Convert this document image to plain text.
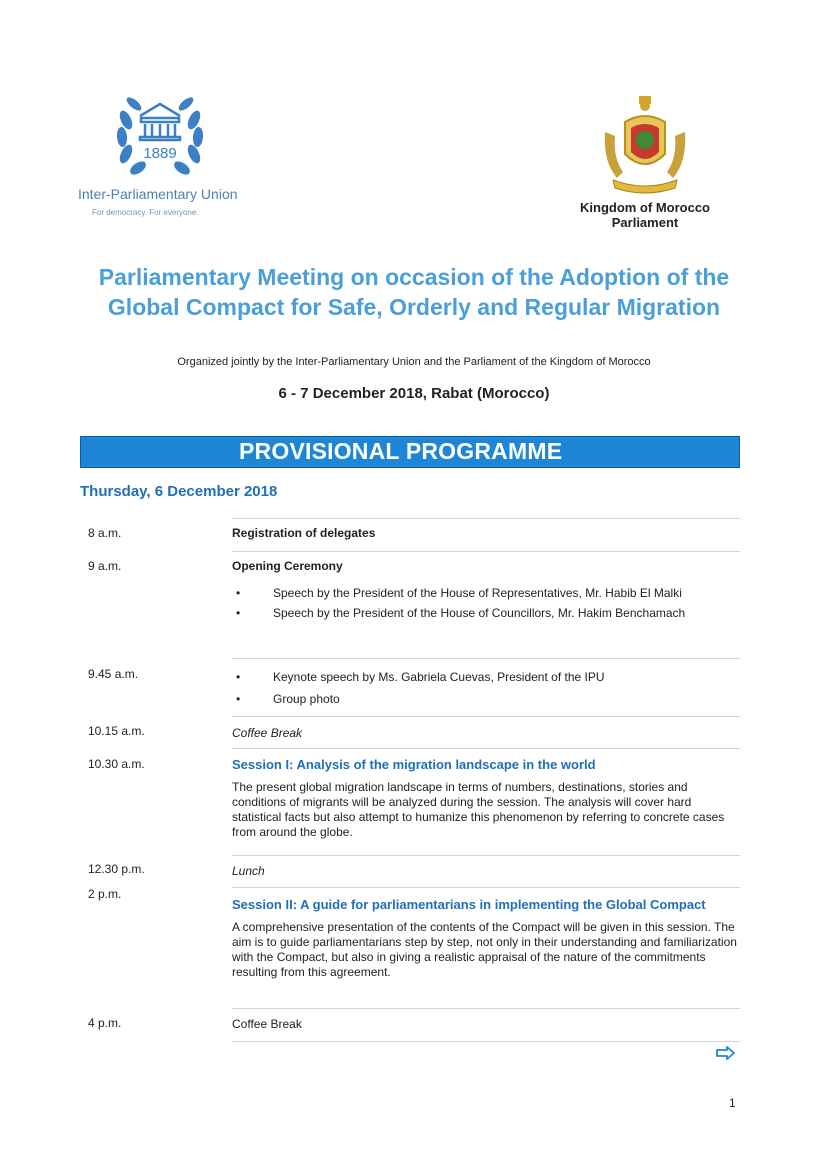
1889
Inter-Parliamentary Union
For democracy. For everyone.	Kingdom of Morocco
Parliament
Parliamentary Meeting on occasion of the Adoption of the Global Compact for Safe, Orderly and Regular Migration
Organized jointly by the Inter-Parliamentary Union and the Parliament of the Kingdom of Morocco
6 - 7 December 2018, Rabat (Morocco)
PROVISIONAL PROGRAMME
Thursday, 6 December 2018
8 a.m.	Registration of delegates
9 a.m.	Opening Ceremony
• Speech by the President of the House of Representatives, Mr. Habib El Malki
• Speech by the President of the House of Councillors, Mr. Hakim Benchamach
9.45 a.m.
•	Keynote speech by Ms. Gabriela Cuevas, President of the IPU
• Group photo
10.15 a.m.	Coffee Break
10.30 a.m.	Session I: Analysis of the migration landscape in the world
The present global migration landscape in terms of numbers, destinations, stories and conditions of migrants will be analyzed during the session. The analysis will cover hard statistical facts but also attempt to humanize this phenomenon by referring to concrete cases from around the globe.
12.30 p.m.	Lunch
2 p.m.
Session II: A guide for parliamentarians in implementing the Global Compact
A comprehensive presentation of the contents of the Compact will be given in this session. The aim is to guide parliamentarians step by step, not only in their understanding and familiarization with the Compact, but also in giving a realistic appraisal of the nature of the commitments resulting from this agreement.
4 p.m.	Coffee Break
1
